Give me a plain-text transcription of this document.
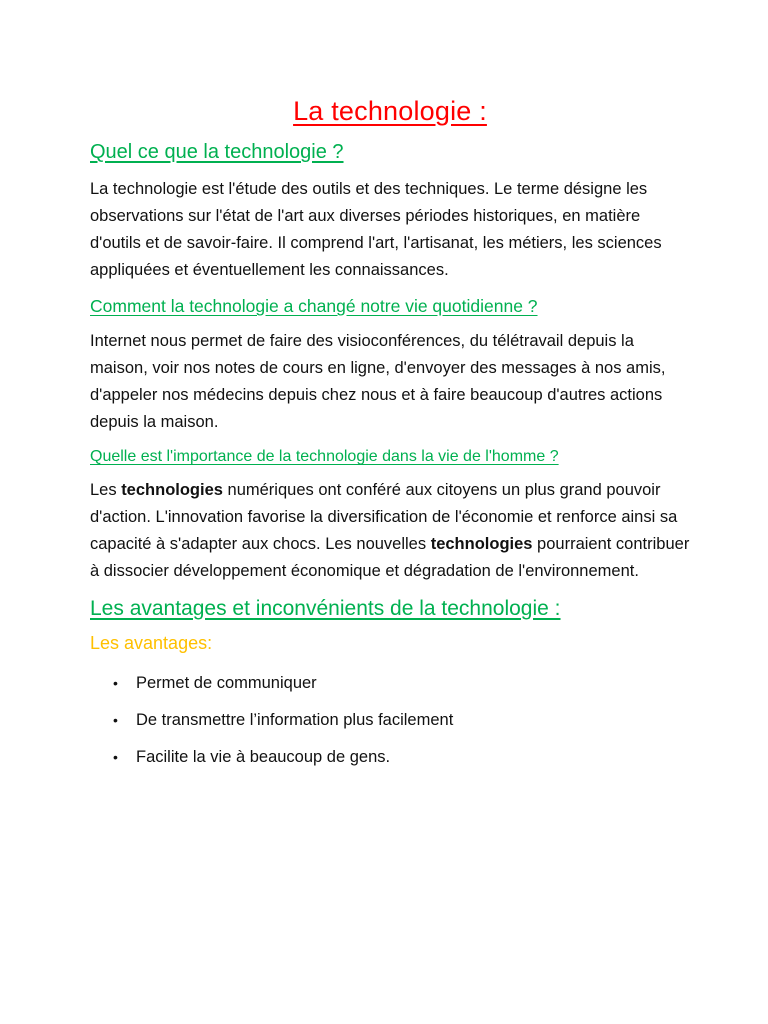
La technologie :
Quel ce que la technologie ?

La technologie est l'étude des outils et des techniques. Le terme désigne les observations sur l'état de l'art aux diverses périodes historiques, en matière d'outils et de savoir-faire. Il comprend l'art, l'artisanat, les métiers, les sciences appliquées et éventuellement les connaissances.

Comment la technologie a changé notre vie quotidienne ?

Internet nous permet de faire des visioconférences, du télétravail depuis la maison, voir nos notes de cours en ligne, d'envoyer des messages à nos amis, d'appeler nos médecins depuis chez nous et à faire beaucoup d'autres actions depuis la maison.

Quelle est l'importance de la technologie dans la vie de l'homme ?

Les technologies numériques ont conféré aux citoyens un plus grand pouvoir d'action. L'innovation favorise la diversification de l'économie et renforce ainsi sa capacité à s'adapter aux chocs. Les nouvelles technologies pourraient contribuer à dissocier développement économique et dégradation de l'environnement.

Les avantages et inconvénients de la technologie :

Les avantages:

• Permet de communiquer
• De transmettre l’information plus facilement
• Facilite la vie à beaucoup de gens.
